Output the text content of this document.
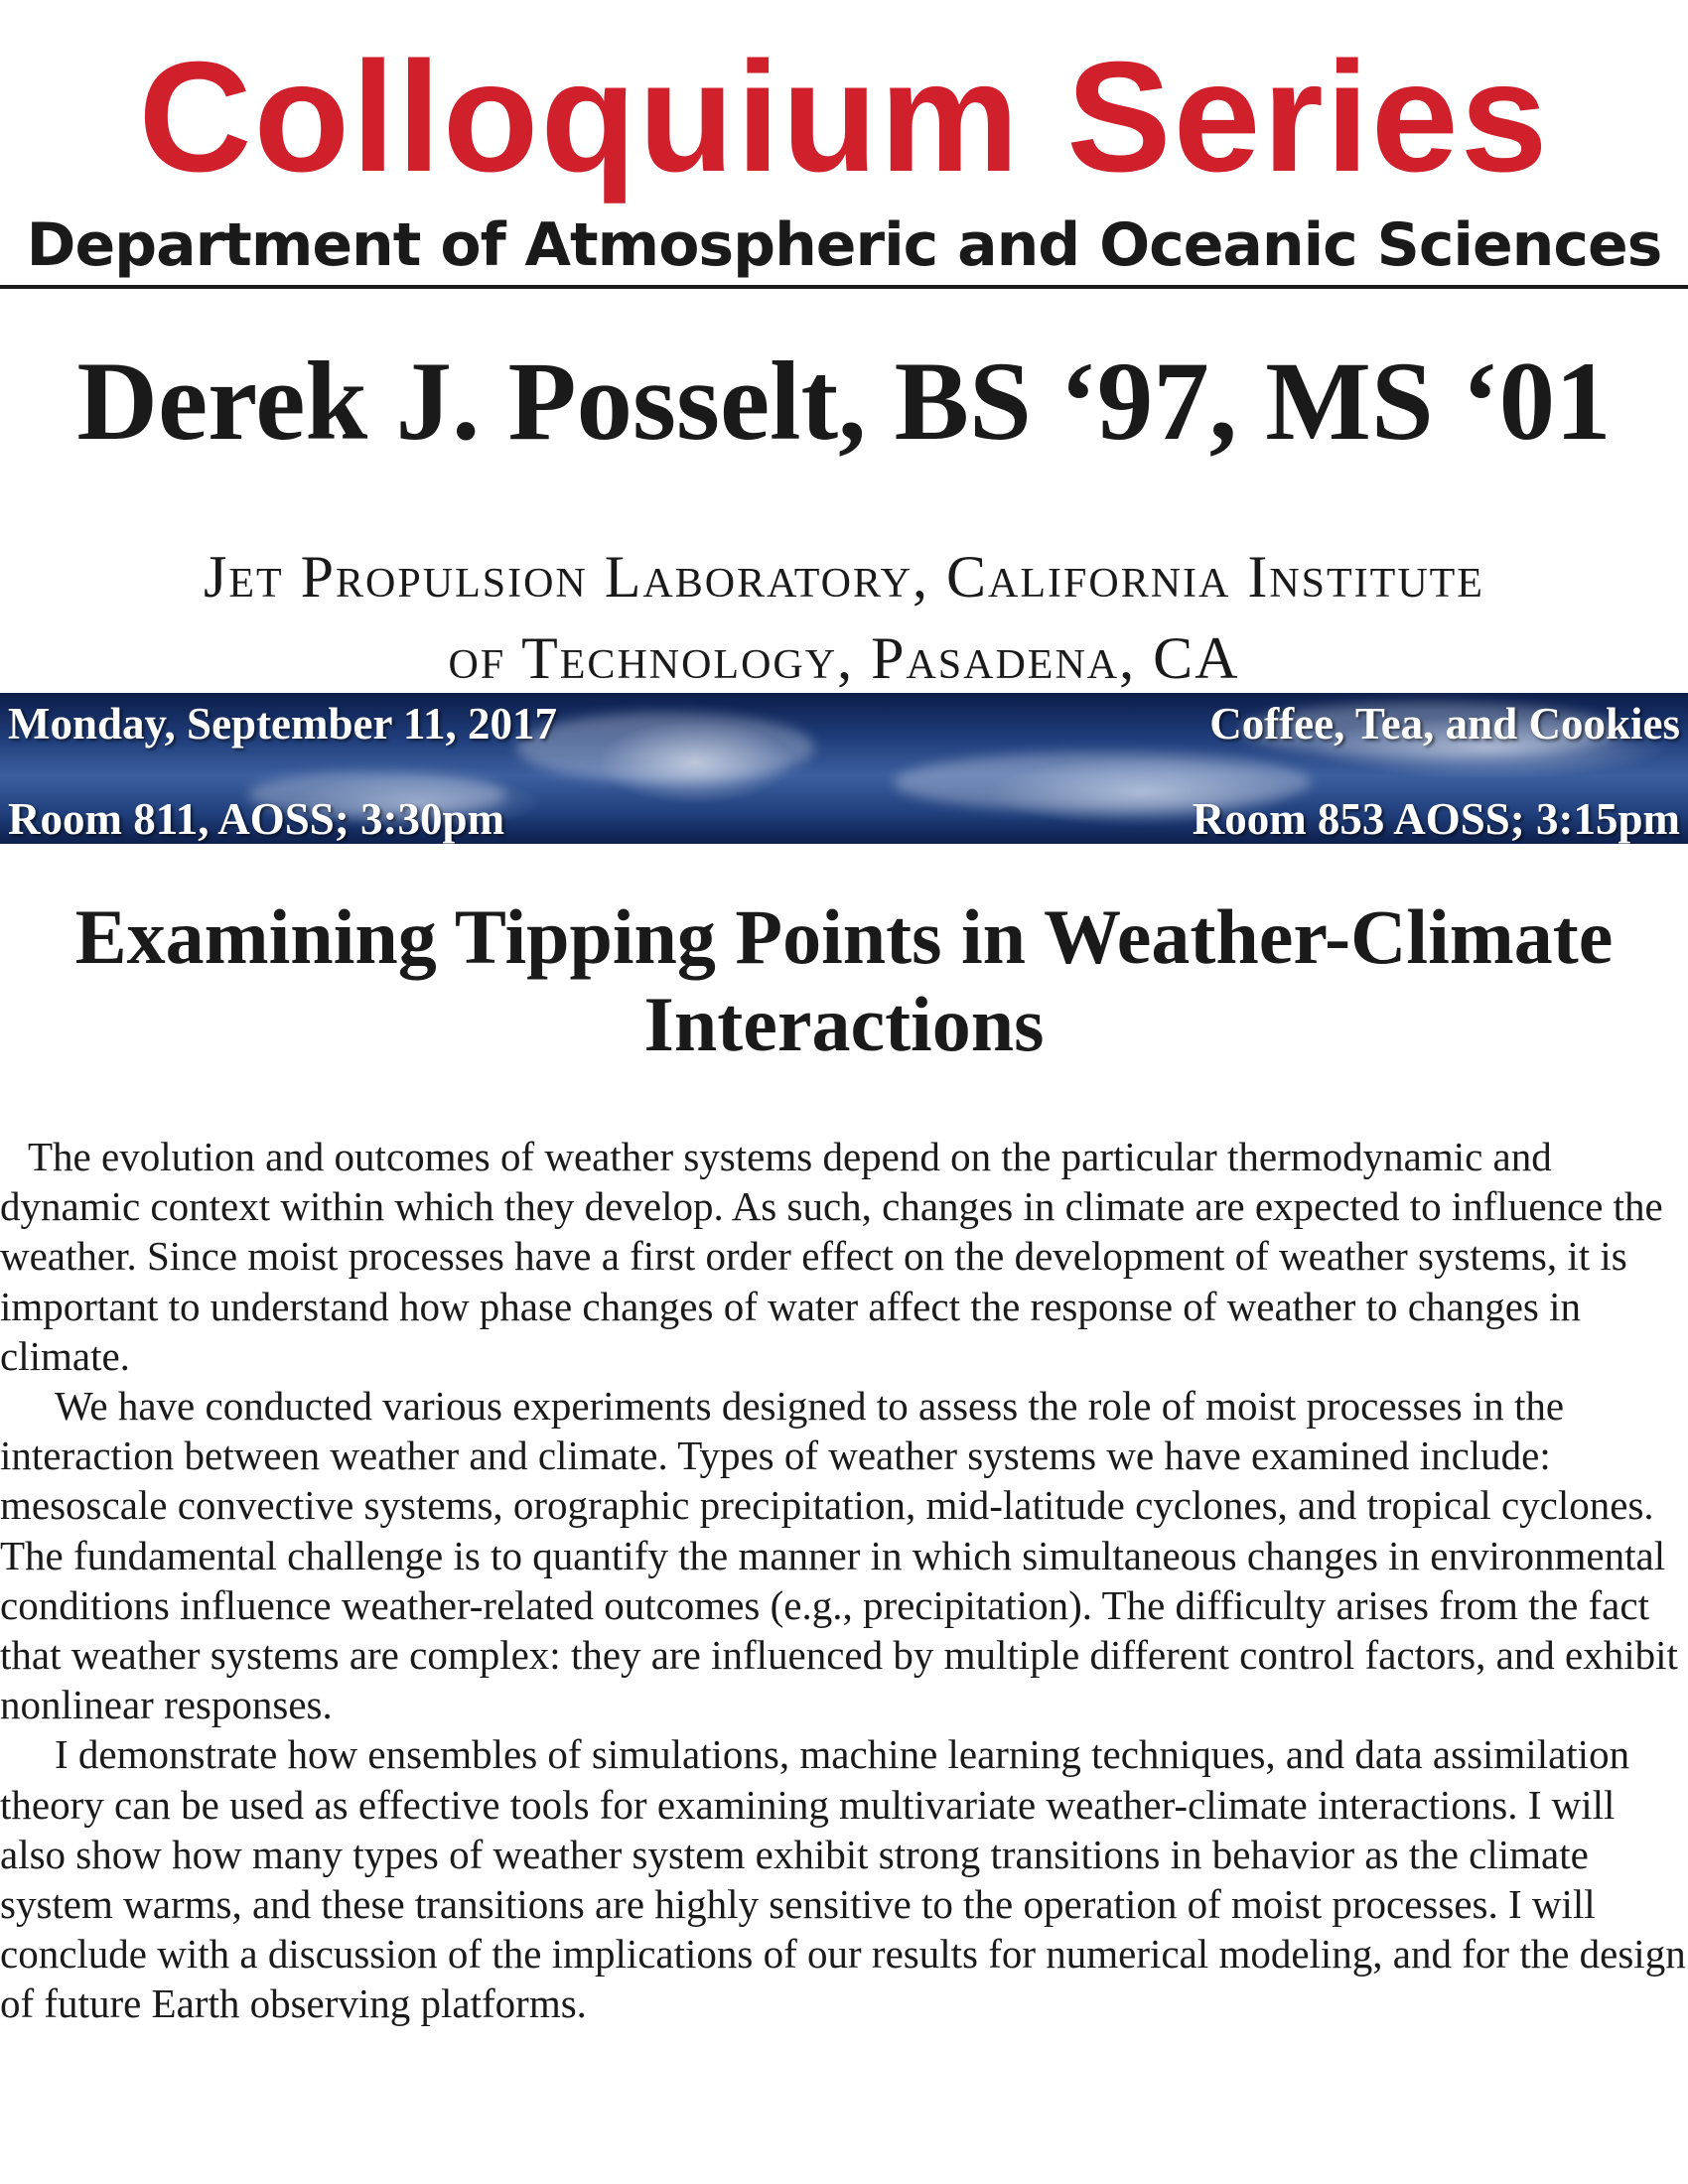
Colloquium Series
Department of Atmospheric and Oceanic Sciences
Derek J. Posselt, BS ‘97, MS ‘01
Jet Propulsion Laboratory, California Institute
of Technology, Pasadena, CA
Monday, September 11, 2017
Room 811, AOSS; 3:30pm
Coffee, Tea, and Cookies
Room 853 AOSS; 3:15pm
Examining Tipping Points in Weather-Climate Interactions

The evolution and outcomes of weather systems depend on the particular thermodynamic and dynamic context within which they develop. As such, changes in climate are expected to influence the weather. Since moist processes have a first order effect on the development of weather systems, it is important to understand how phase changes of water affect the response of weather to changes in climate.

We have conducted various experiments designed to assess the role of moist processes in the interaction between weather and climate. Types of weather systems we have examined include: mesoscale convective systems, orographic precipitation, mid-latitude cyclones, and tropical cyclones. The fundamental challenge is to quantify the manner in which simultaneous changes in environmental conditions influence weather-related outcomes (e.g., precipitation). The difficulty arises from the fact that weather systems are complex: they are influenced by multiple different control factors, and exhibit nonlinear responses.

I demonstrate how ensembles of simulations, machine learning techniques, and data assimilation theory can be used as effective tools for examining multivariate weather-climate interactions. I will also show how many types of weather system exhibit strong transitions in behavior as the climate system warms, and these transitions are highly sensitive to the operation of moist processes. I will conclude with a discussion of the implications of our results for numerical modeling, and for the design of future Earth observing platforms.
